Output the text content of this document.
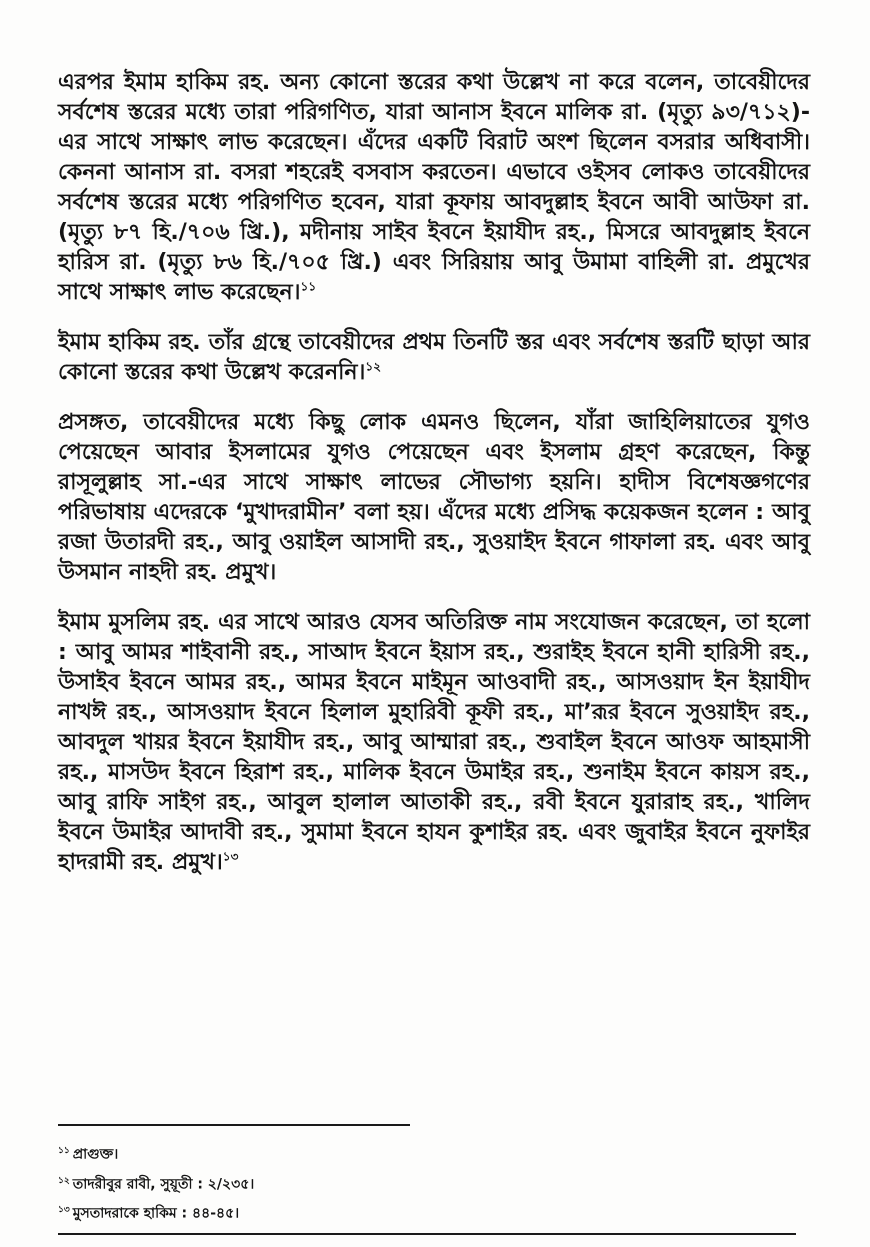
এরপর ইমাম হাকিম রহ. অন্য কোনো স্তরের কথা উল্লেখ না করে বলেন, তাবেয়ীদের সর্বশেষ স্তরের মধ্যে তারা পরিগণিত, যারা আনাস ইবনে মালিক রা. (মৃত্যু ৯৩/৭১২)-এর সাথে সাক্ষাৎ লাভ করেছেন। এঁদের একটি বিরাট অংশ ছিলেন বসরার অধিবাসী। কেননা আনাস রা. বসরা শহরেই বসবাস করতেন। এভাবে ওইসব লোকও তাবেয়ীদের সর্বশেষ স্তরের মধ্যে পরিগণিত হবেন, যারা কূফায় আবদুল্লাহ ইবনে আবী আউফা রা. (মৃত্যু ৮৭ হি./৭০৬ খ্রি.), মদীনায় সাইব ইবনে ইয়াযীদ রহ., মিসরে আবদুল্লাহ ইবনে হারিস রা. (মৃত্যু ৮৬ হি./৭০৫ খ্রি.) এবং সিরিয়ায় আবু উমামা বাহিলী রা. প্রমুখের সাথে সাক্ষাৎ লাভ করেছেন।$^{১১}$

ইমাম হাকিম রহ. তাঁর গ্রন্থে তাবেয়ীদের প্রথম তিনটি স্তর এবং সর্বশেষ স্তরটি ছাড়া আর কোনো স্তরের কথা উল্লেখ করেননি।$^{১২}$

প্রসঙ্গত, তাবেয়ীদের মধ্যে কিছু লোক এমনও ছিলেন, যাঁরা জাহিলিয়াতের যুগও পেয়েছেন আবার ইসলামের যুগও পেয়েছেন এবং ইসলাম গ্রহণ করেছেন, কিন্তু রাসূলুল্লাহ সা.-এর সাথে সাক্ষাৎ লাভের সৌভাগ্য হয়নি। হাদীস বিশেষজ্ঞগণের পরিভাষায় এদেরকে ‘মুখাদরামীন’ বলা হয়। এঁদের মধ্যে প্রসিদ্ধ কয়েকজন হলেন : আবু রজা উতারদী রহ., আবু ওয়াইল আসাদী রহ., সুওয়াইদ ইবনে গাফালা রহ. এবং আবু উসমান নাহদী রহ. প্রমুখ।

ইমাম মুসলিম রহ. এর সাথে আরও যেসব অতিরিক্ত নাম সংযোজন করেছেন, তা হলো : আবু আমর শাইবানী রহ., সাআদ ইবনে ইয়াস রহ., শুরাইহ ইবনে হানী হারিসী রহ., উসাইব ইবনে আমর রহ., আমর ইবনে মাইমূন আওবাদী রহ., আসওয়াদ ইন ইয়াযীদ নাখঈ রহ., আসওয়াদ ইবনে হিলাল মুহারিবী কূফী রহ., মা’রূর ইবনে সুওয়াইদ রহ., আবদুল খায়র ইবনে ইয়াযীদ রহ., আবু আম্মারা রহ., শুবাইল ইবনে আওফ আহমাসী রহ., মাসউদ ইবনে হিরাশ রহ., মালিক ইবনে উমাইর রহ., শুনাইম ইবনে কায়স রহ., আবু রাফি সাইগ রহ., আবুল হালাল আতাকী রহ., রবী ইবনে যুরারাহ রহ., খালিদ ইবনে উমাইর আদাবী রহ., সুমামা ইবনে হাযন কুশাইর রহ. এবং জুবাইর ইবনে নুফাইর হাদরামী রহ. প্রমুখ।$^{১৩}$

$^{১১}$ প্রাগুক্ত।
$^{১২}$ তাদরীবুর রাবী, সুয়ূতী : ২/২৩৫।
$^{১৩}$ মুসতাদরাকে হাকিম : ৪৪-৪৫।
